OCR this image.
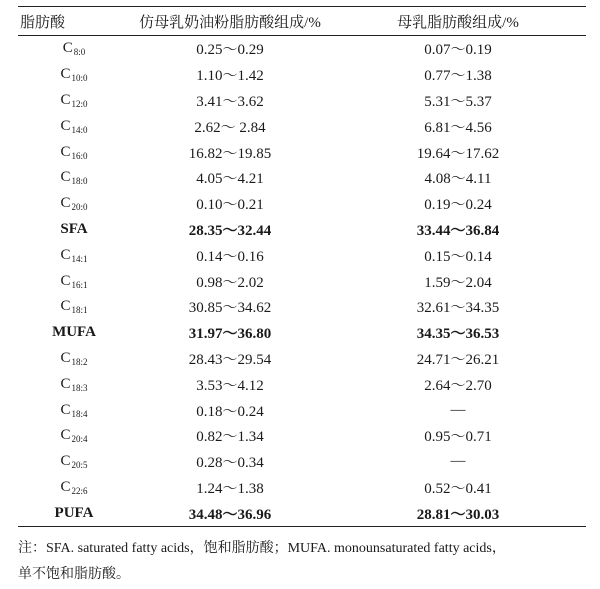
脂肪酸	仿母乳奶油粉脂肪酸组成/%	母乳脂肪酸组成/%
$C_{8:0}$	0.25～0.29	0.07～0.19
$C_{10:0}$	1.10～1.42	0.77～1.38
$C_{12:0}$	3.41～3.62	5.31～5.37
$C_{14:0}$	2.62～ 2.84	6.81～4.56
$C_{16:0}$	16.82～19.85	19.64～17.62
$C_{18:0}$	4.05～4.21	4.08～4.11
$C_{20:0}$	0.10～0.21	0.19～0.24
SFA	28.35～32.44	33.44～36.84
$C_{14:1}$	0.14～0.16	0.15～0.14
$C_{16:1}$	0.98～2.02	1.59～2.04
$C_{18:1}$	30.85～34.62	32.61～34.35
MUFA	31.97～36.80	34.35～36.53
$C_{18:2}$	28.43～29.54	24.71～26.21
$C_{18:3}$	3.53～4.12	2.64～2.70
$C_{18:4}$	0.18～0.24	—
$C_{20:4}$	0.82～1.34	0.95～0.71
$C_{20:5}$	0.28～0.34	—
$C_{22:6}$	1.24～1.38	0.52～0.41
PUFA	34.48～36.96	28.81～30.03
注：SFA. saturated fatty acids，饱和脂肪酸；MUFA. monounsaturated fatty acids，
单不饱和脂肪酸。
